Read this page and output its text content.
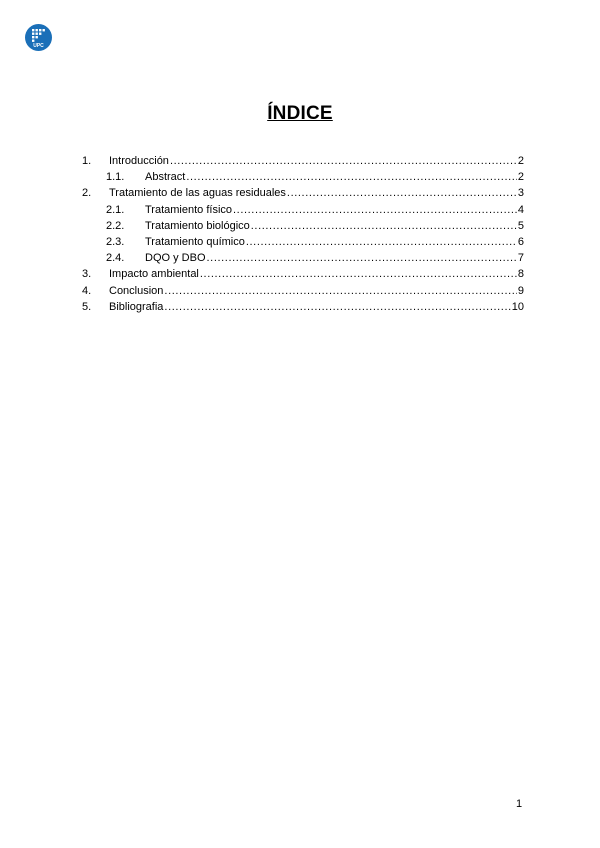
UPC
ÍNDICE
1. Introducción .....	2
1.1. Abstract .....	2
2. Tratamiento de las aguas residuales .....	3
2.1. Tratamiento físico .....	4
2.2. Tratamiento biológico .....	5
2.3. Tratamiento químico .....	6
2.4. DQO y DBO .....	7
3. Impacto ambiental .....	8
4. Conclusion .....	9
5. Bibliografia .....	10
1
